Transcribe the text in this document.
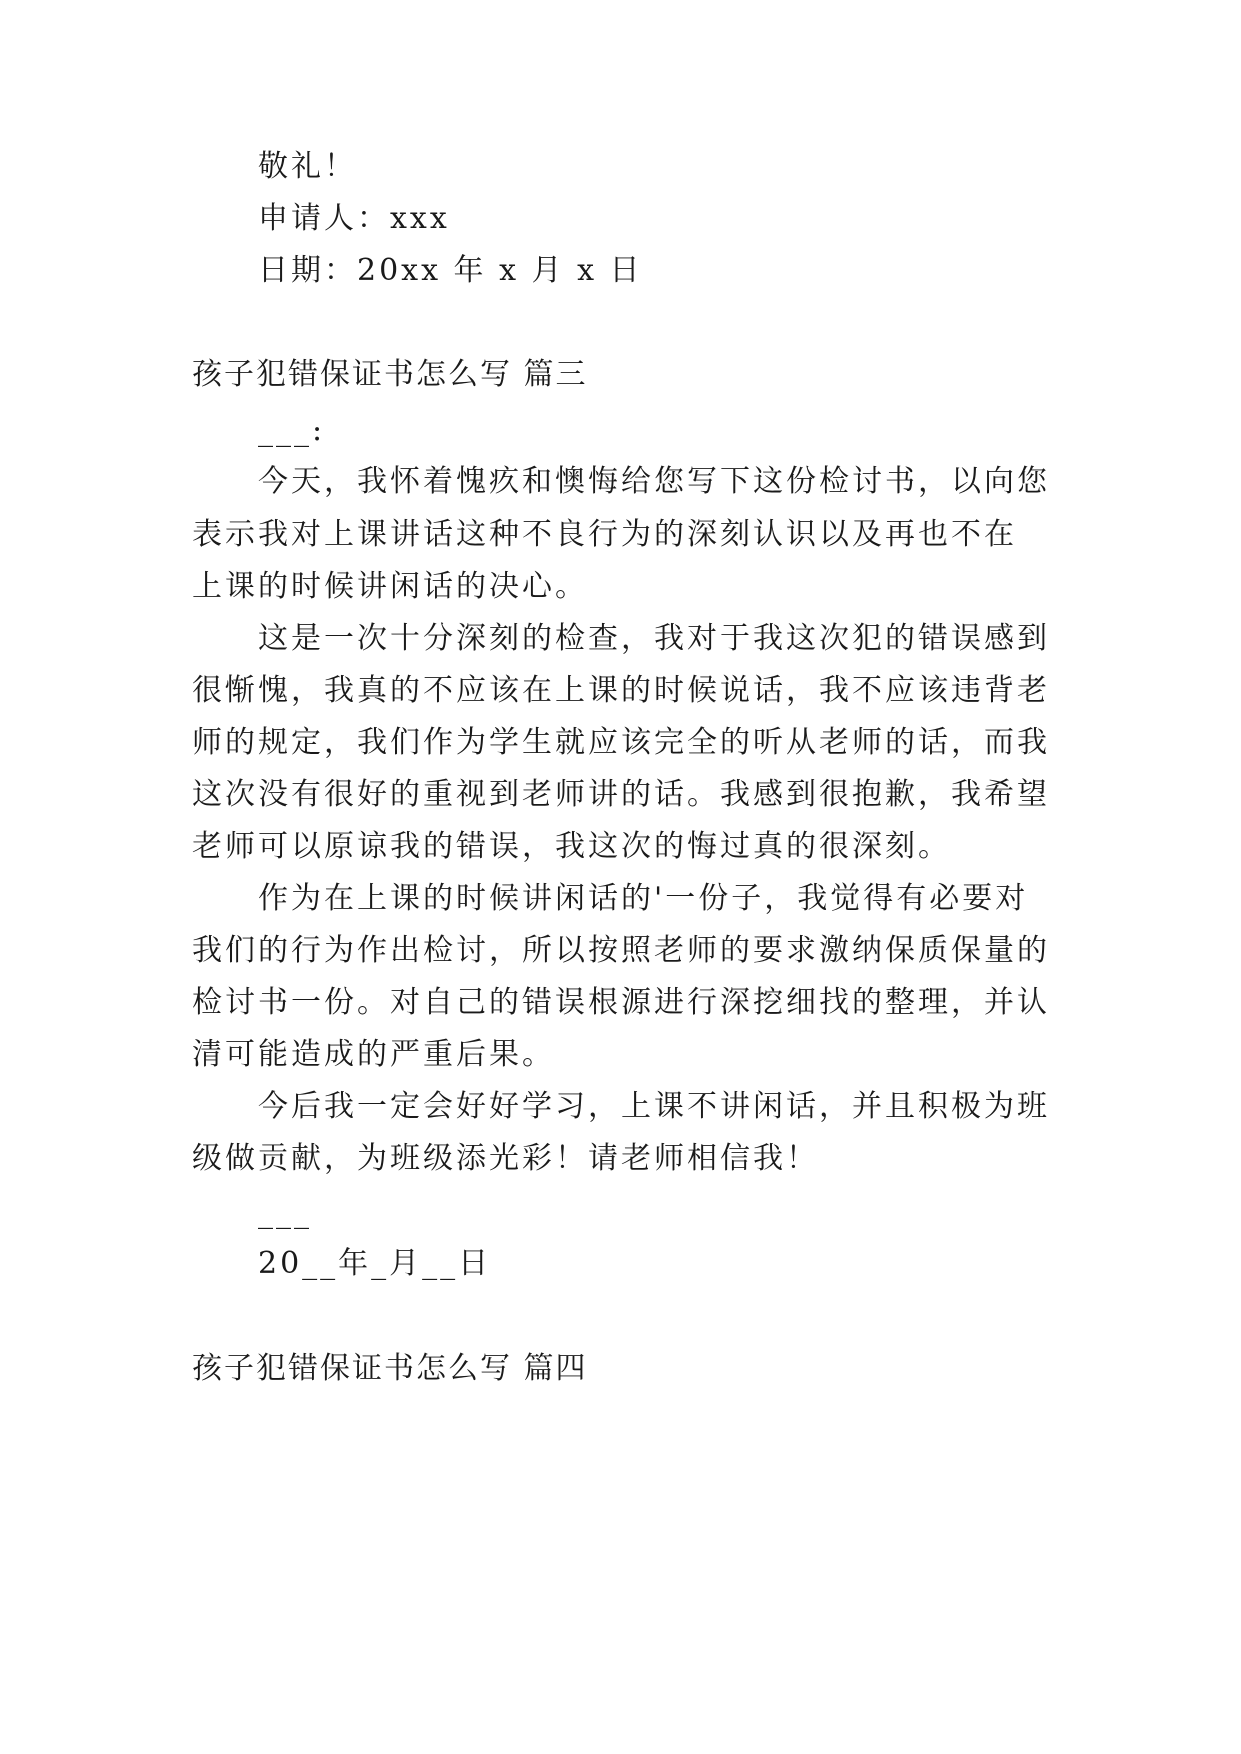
敬礼！
申请人：xxx
日期：20xx 年 x 月 x 日
孩子犯错保证书怎么写 篇三
___:
今天，我怀着愧疚和懊悔给您写下这份检讨书，以向您
表示我对上课讲话这种不良行为的深刻认识以及再也不在
上课的时候讲闲话的决心。
这是一次十分深刻的检查，我对于我这次犯的错误感到
很惭愧，我真的不应该在上课的时候说话，我不应该违背老
师的规定，我们作为学生就应该完全的听从老师的话，而我
这次没有很好的重视到老师讲的话。我感到很抱歉，我希望
老师可以原谅我的错误，我这次的悔过真的很深刻。
作为在上课的时候讲闲话的'一份子，我觉得有必要对
我们的行为作出检讨，所以按照老师的要求激纳保质保量的
检讨书一份。对自己的错误根源进行深挖细找的整理，并认
清可能造成的严重后果。
今后我一定会好好学习，上课不讲闲话，并且积极为班
级做贡献，为班级添光彩！请老师相信我！
___
20__年_月__日
孩子犯错保证书怎么写 篇四
